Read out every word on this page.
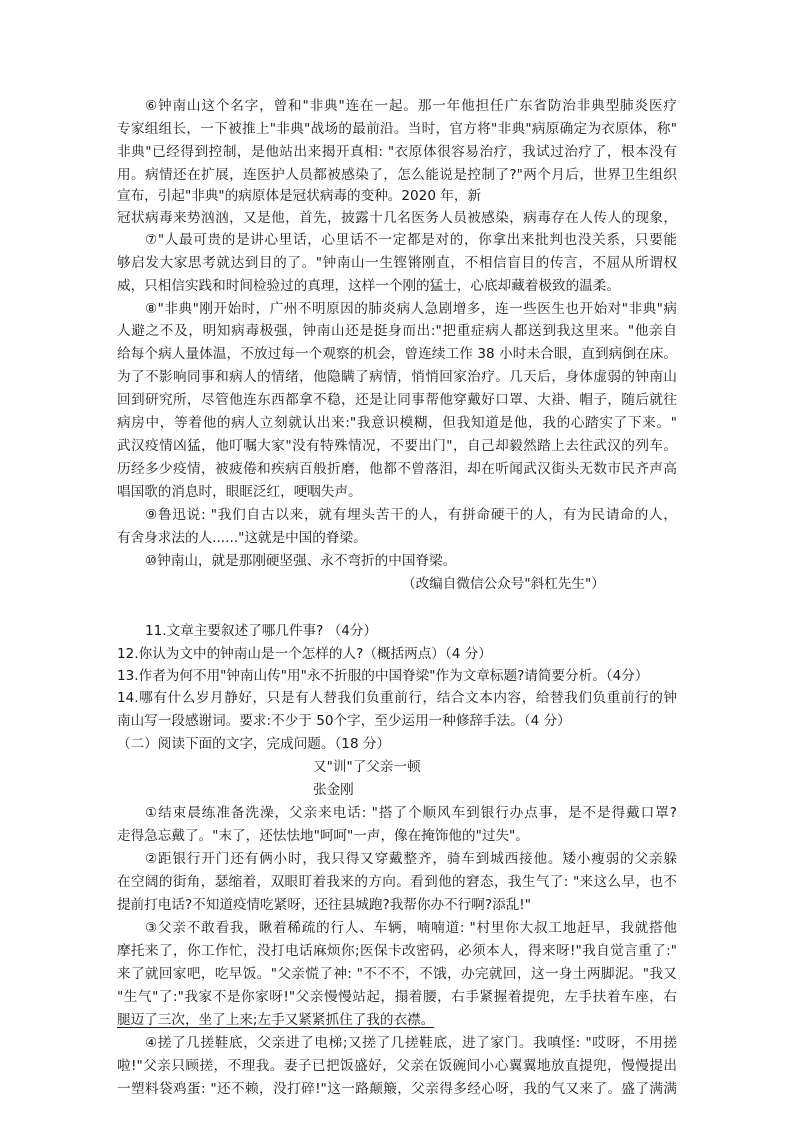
⑥钟南山这个名字，曾和"非典"连在一起。那一年他担任广东省防治非典型肺炎医疗
专家组组长，一下被推上"非典"战场的最前沿。当时，官方将"非典"病原确定为衣原体，称"
非典"已经得到控制，是他站出来揭开真相: "衣原体很容易治疗，我试过治疗了，根本没有
用。病情还在扩展，连医护人员都被感染了，怎么能说是控制了?"两个月后，世界卫生组织
宣布，引起"非典"的病原体是冠状病毒的变种。2020 年，新
冠状病毒来势汹汹，又是他，首先，披露十几名医务人员被感染，病毒存在人传人的现象，
⑦"人最可贵的是讲心里话，心里话不一定都是对的，你拿出来批判也没关系，只要能
够启发大家思考就达到目的了。"钟南山一生铿锵刚直，不相信盲目的传言，不屈从所谓权
威，只相信实践和时间检验过的真理，这样一个刚的猛士，心底却藏着极致的温柔。
⑧"非典"刚开始时，广州不明原因的肺炎病人急剧增多，连一些医生也开始对"非典"病
人避之不及，明知病毒极强，钟南山还是挺身而出:"把重症病人都送到我这里来。"他亲自
给每个病人量体温，不放过每一个观察的机会，曾连续工作 38 小时未合眼，直到病倒在床。
为了不影响同事和病人的情绪，他隐瞒了病情，悄悄回家治疗。几天后，身体虚弱的钟南山
回到研究所，尽管他连东西都拿不稳，还是让同事帮他穿戴好口罩、大褂、帽子，随后就往
病房中，等着他的病人立刻就认出来:"我意识模糊，但我知道是他，我的心踏实了下来。"
武汉疫情凶猛，他叮嘱大家"没有特殊情况，不要出门"，自己却毅然踏上去往武汉的列车。
历经多少疫情，被疲倦和疾病百般折磨，他都不曾落泪，却在听闻武汉街头无数市民齐声高
唱国歌的消息时，眼眶泛红，哽咽失声。
⑨鲁迅说: "我们自古以来，就有埋头苦干的人，有拼命硬干的人，有为民请命的人，
有舍身求法的人......"这就是中国的脊梁。
⑩钟南山，就是那刚硬坚强、永不弯折的中国脊梁。
（改编自微信公众号"斜杠先生"）
11.文章主要叙述了哪几件事? （4分）
12.你认为文中的钟南山是一个怎样的人?（概括两点）（4 分）
13.作者为何不用"钟南山传"用"永不折服的中国脊梁"作为文章标题?请简要分析。（4分）
14.哪有什么岁月静好，只是有人替我们负重前行，结合文本内容，给替我们负重前行的钟
南山写一段感谢词。要求:不少于 50个字，至少运用一种修辞手法。（4 分）
（二）阅读下面的文字，完成问题。（18 分）
又"训"了父亲一顿
张金刚
①结束晨练准备洗澡，父亲来电话: "搭了个顺风车到银行办点事，是不是得戴口罩?
走得急忘戴了。"末了，还怯怯地"呵呵"一声，像在掩饰他的"过失"。
②距银行开门还有俩小时，我只得又穿戴整齐，骑车到城西接他。矮小瘦弱的父亲躲
在空阔的街角，瑟缩着，双眼盯着我来的方向。看到他的窘态，我生气了: "来这么早，也不
提前打电话?不知道疫情吃紧呀，还往县城跑?我帮你办不行啊?添乱!"
③父亲不敢看我，瞅着稀疏的行人、车辆，喃喃道: "村里你大叔工地赶早，我就搭他
摩托来了，你工作忙，没打电话麻烦你;医保卡改密码，必须本人，得来呀!"我自觉言重了:"
来了就回家吧，吃早饭。"父亲慌了神: "不不不，不饿，办完就回，这一身土两脚泥。"我又
"生气"了:"我家不是你家呀!"父亲慢慢站起，搨着腰，右手紧握着提兜，左手扶着车座，右
腿迈了三次，坐了上来;左手又紧紧抓住了我的衣襟。
④搓了几搓鞋底，父亲进了电梯;又搓了几搓鞋底，进了家门。我嗔怪: "哎呀，不用搓
啦!"父亲只顾搓，不理我。妻子已把饭盛好，父亲在饭碗间小心翼翼地放直提兜，慢慢提出
一塑料袋鸡蛋: "还不赖，没打碎!"这一路颠簸，父亲得多经心呀，我的气又来了。盛了满满
